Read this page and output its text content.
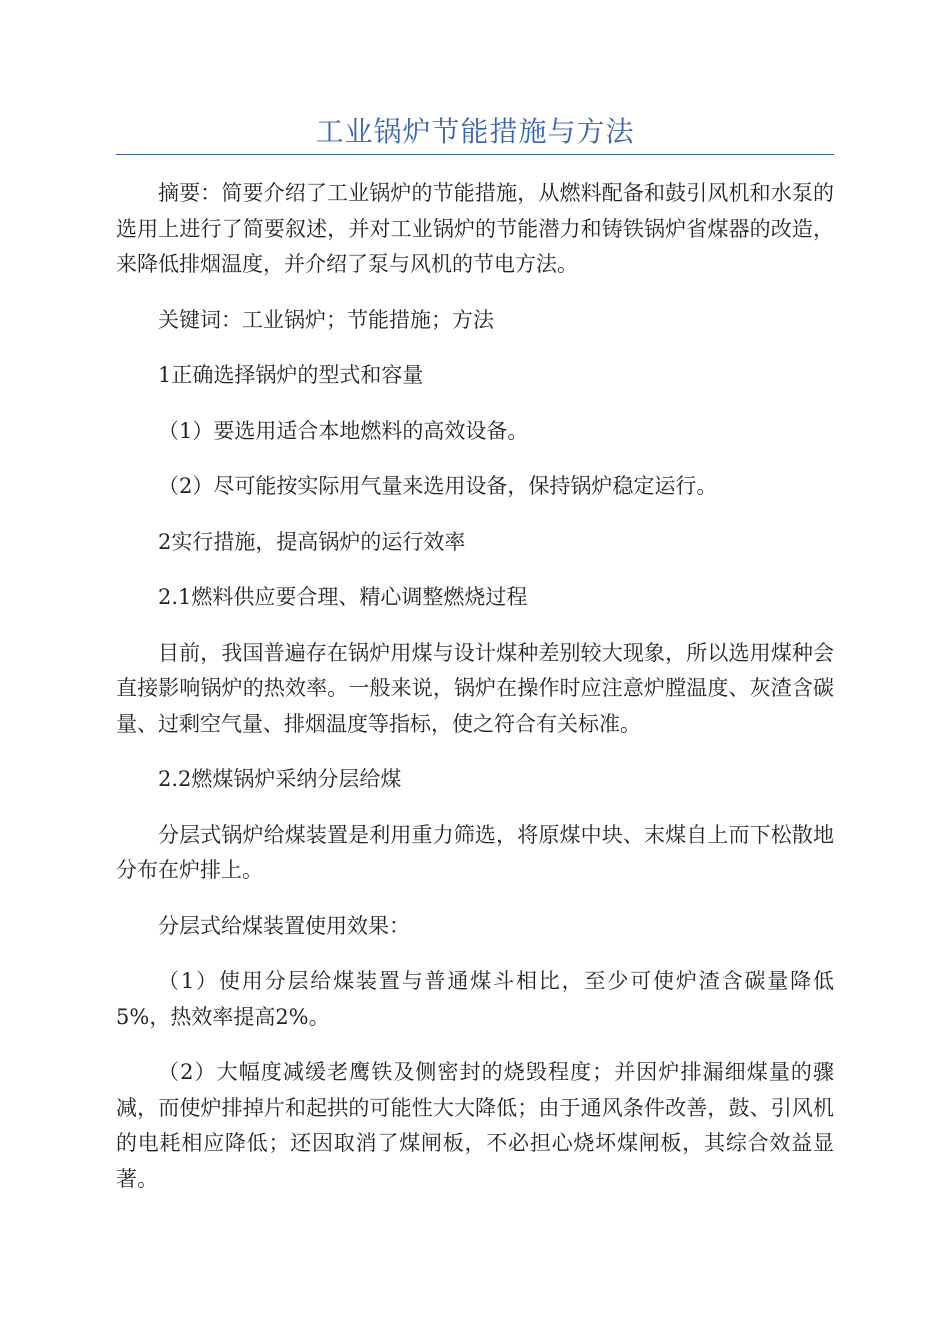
工业锅炉节能措施与方法

摘要：简要介绍了工业锅炉的节能措施，从燃料配备和鼓引风机和水泵的选用上进行了简要叙述，并对工业锅炉的节能潜力和铸铁锅炉省煤器的改造，来降低排烟温度，并介绍了泵与风机的节电方法。

关键词：工业锅炉；节能措施；方法

1正确选择锅炉的型式和容量

（1）要选用适合本地燃料的高效设备。

（2）尽可能按实际用气量来选用设备，保持锅炉稳定运行。

2实行措施，提高锅炉的运行效率

2.1燃料供应要合理、精心调整燃烧过程

目前，我国普遍存在锅炉用煤与设计煤种差别较大现象，所以选用煤种会直接影响锅炉的热效率。一般来说，锅炉在操作时应注意炉膛温度、灰渣含碳量、过剩空气量、排烟温度等指标，使之符合有关标准。

2.2燃煤锅炉采纳分层给煤

分层式锅炉给煤装置是利用重力筛选，将原煤中块、末煤自上而下松散地分布在炉排上。

分层式给煤装置使用效果：

（1）使用分层给煤装置与普通煤斗相比，至少可使炉渣含碳量降低5%，热效率提高2%。

（2）大幅度减缓老鹰铁及侧密封的烧毁程度；并因炉排漏细煤量的骤减，而使炉排掉片和起拱的可能性大大降低；由于通风条件改善，鼓、引风机的电耗相应降低；还因取消了煤闸板，不必担心烧坏煤闸板，其综合效益显著。
